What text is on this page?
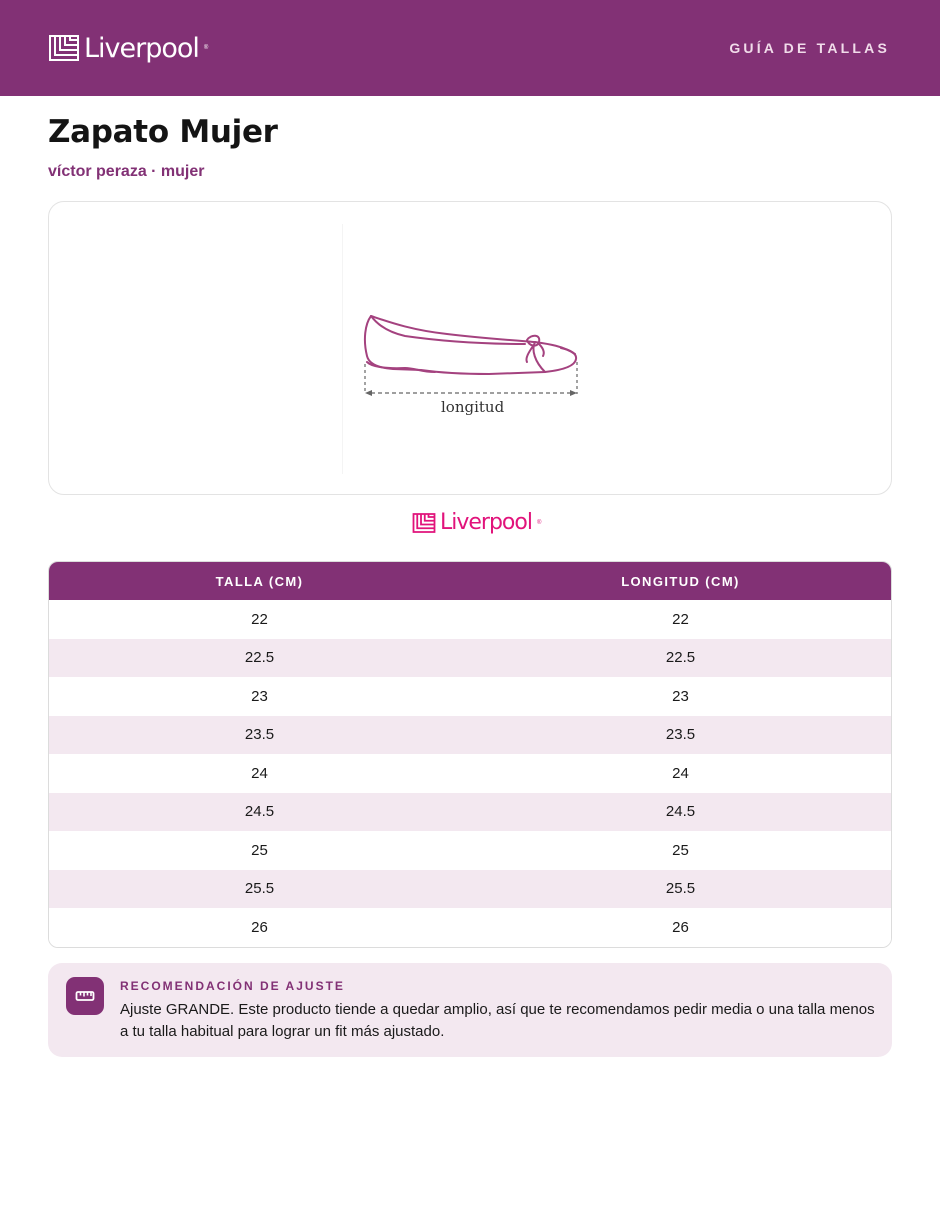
Liverpool ®	GUÍA DE TALLAS
Zapato Mujer
víctor peraza · mujer
longitud
Liverpool ®
TALLA (CM)	LONGITUD (CM)
22	22
22.5	22.5
23	23
23.5	23.5
24	24
24.5	24.5
25	25
25.5	25.5
26	26
RECOMENDACIÓN DE AJUSTE

Ajuste GRANDE. Este producto tiende a quedar amplio, así que te recomendamos pedir media o una talla menos a tu talla habitual para lograr un fit más ajustado.
